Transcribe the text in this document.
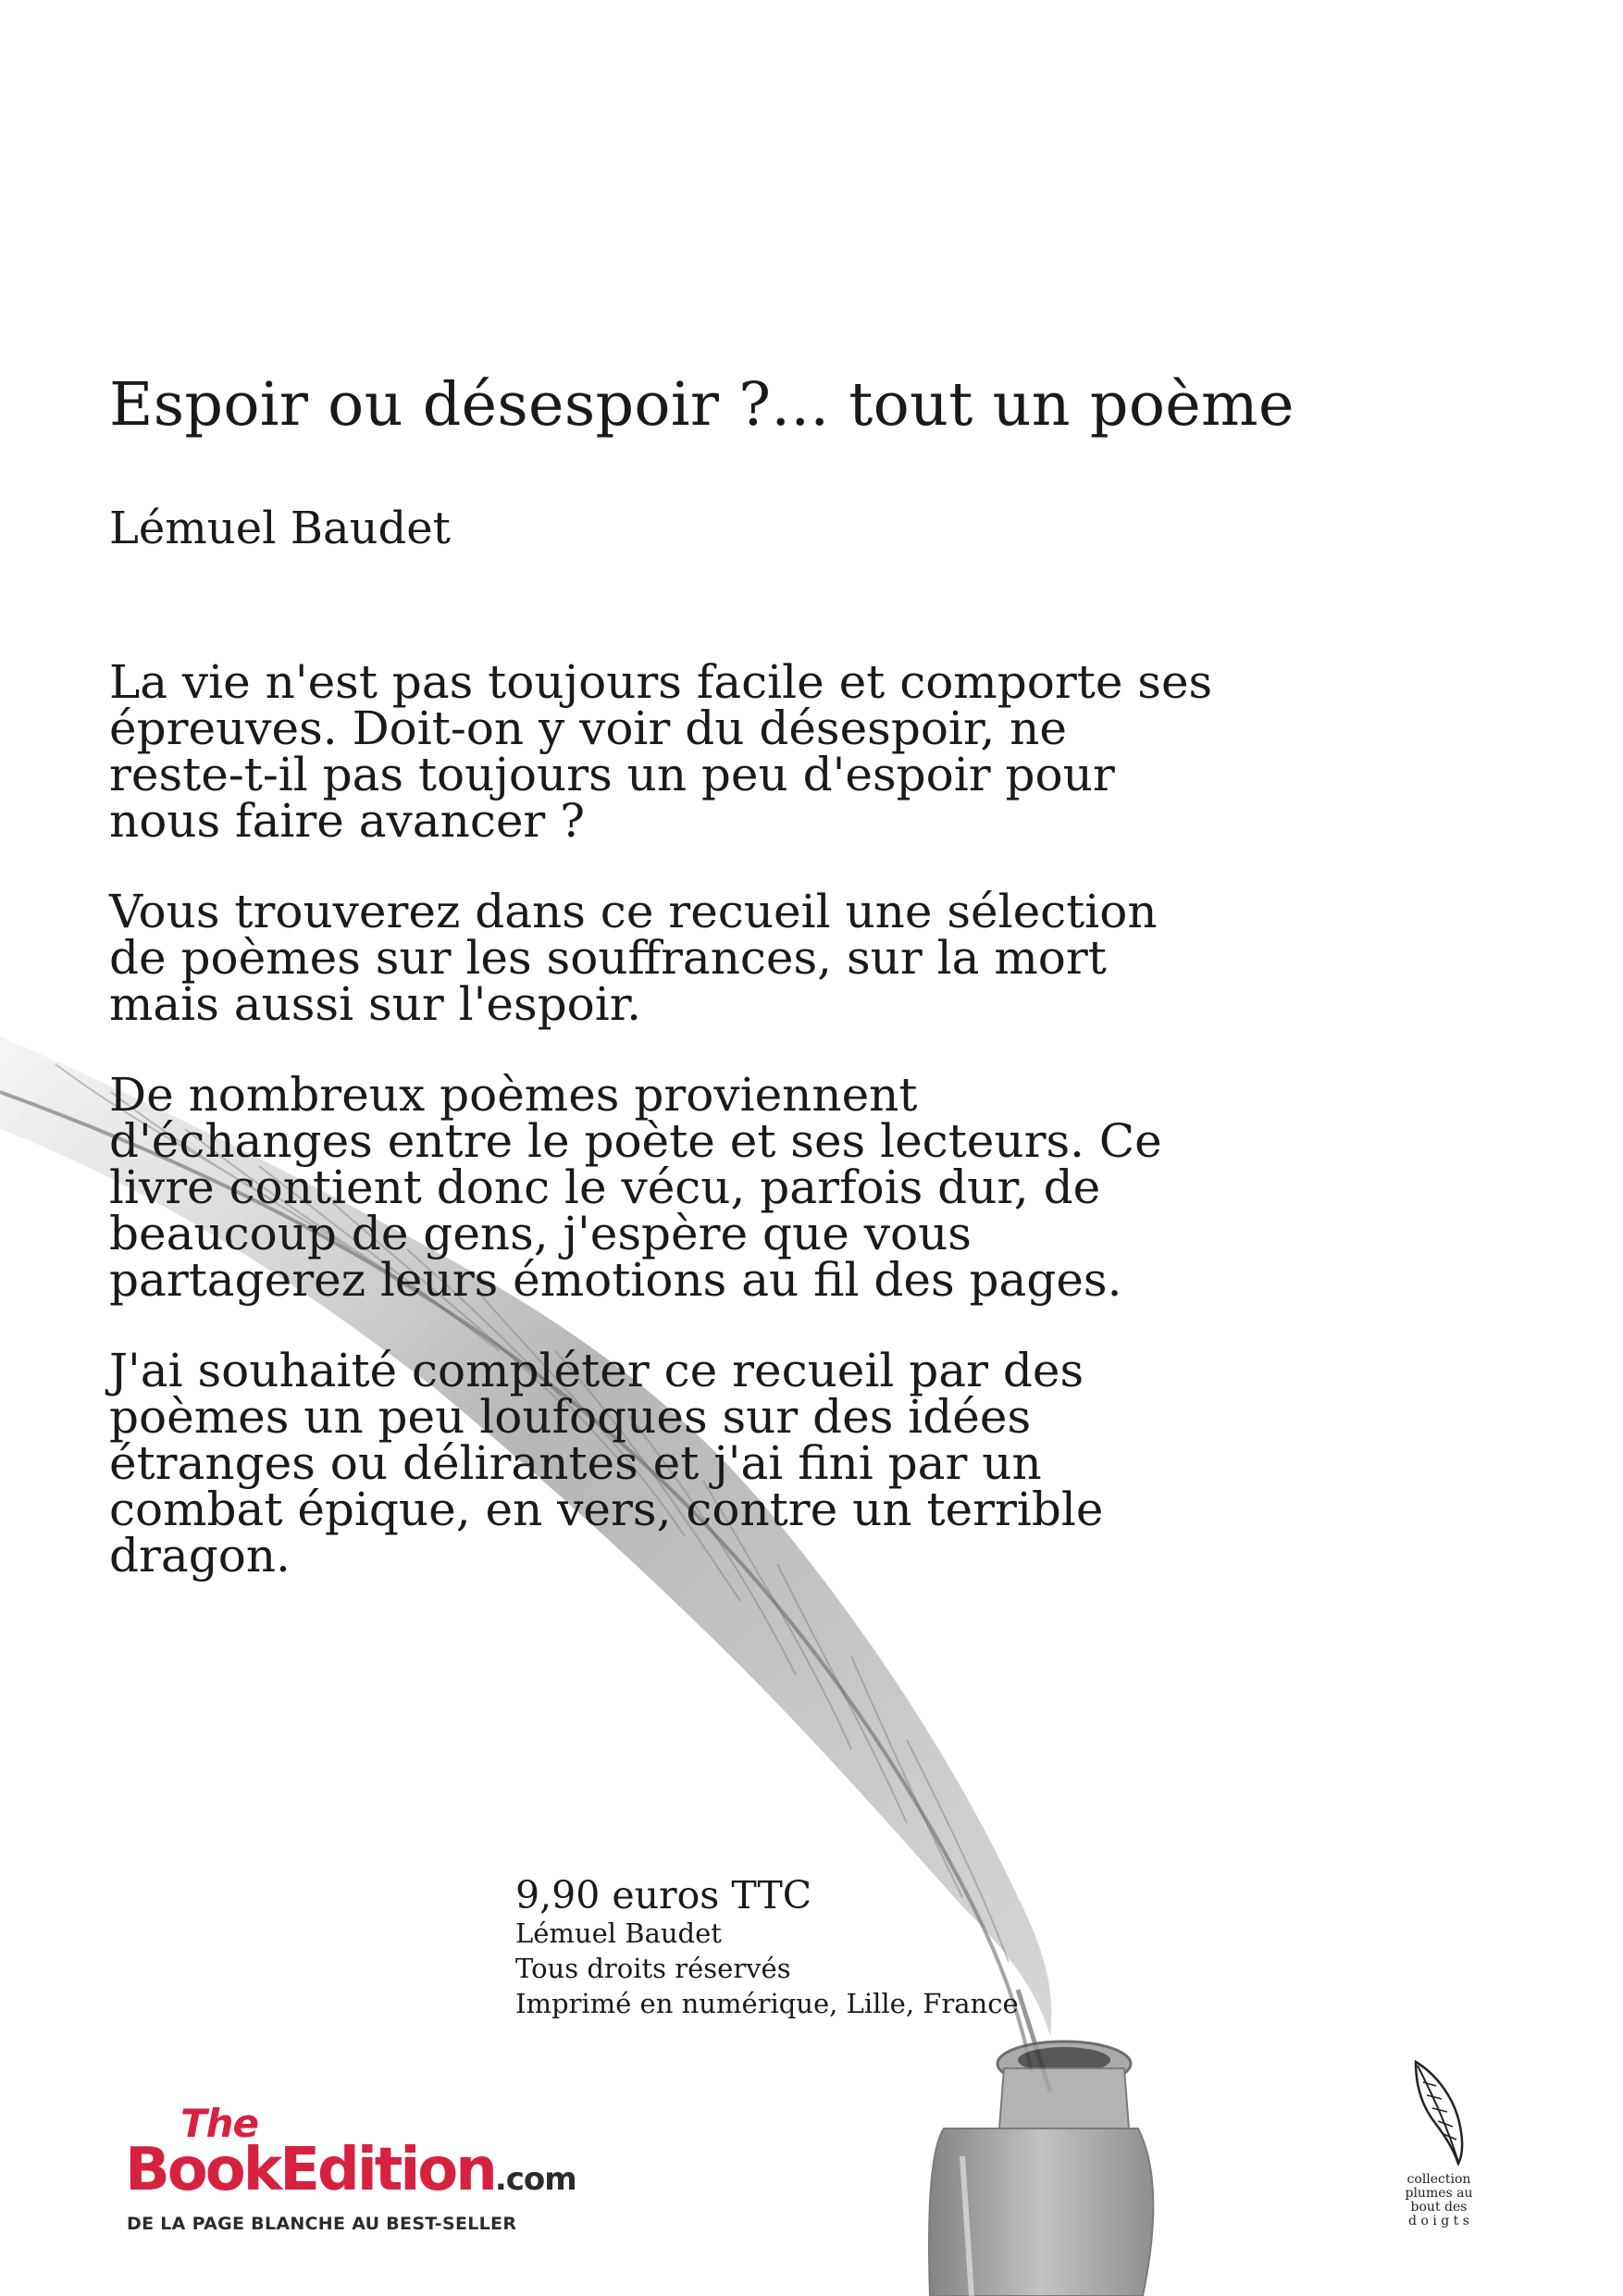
Espoir ou désespoir ?... tout un poème
Lémuel Baudet

La vie n'est pas toujours facile et comporte ses
épreuves. Doit-on y voir du désespoir, ne
reste-t-il pas toujours un peu d'espoir pour
nous faire avancer ?

Vous trouverez dans ce recueil une sélection
de poèmes sur les souffrances, sur la mort
mais aussi sur l'espoir.

De nombreux poèmes proviennent
d'échanges entre le poète et ses lecteurs. Ce
livre contient donc le vécu, parfois dur, de
beaucoup de gens, j'espère que vous
partagerez leurs émotions au fil des pages.

J'ai souhaité compléter ce recueil par des
poèmes un peu loufoques sur des idées
étranges ou délirantes et j'ai fini par un
combat épique, en vers, contre un terrible
dragon.

9,90 euros TTC
Lémuel Baudet
Tous droits réservés
Imprimé en numérique, Lille, France
The
BookEdition.com
DE LA PAGE BLANCHE AU BEST-SELLER
collection
plumes au
bout des
d o i g t s
